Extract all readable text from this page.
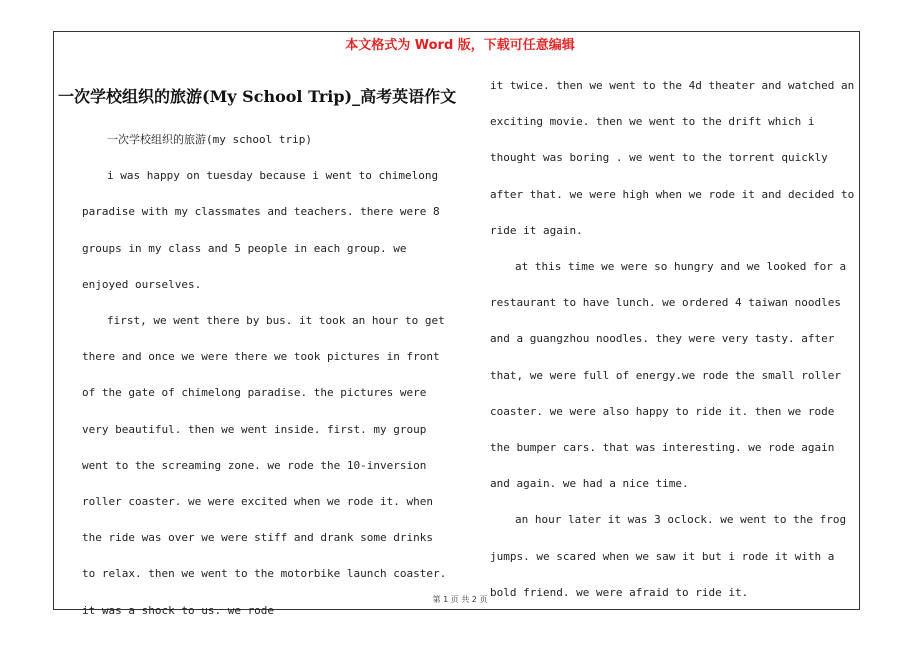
本文格式为 Word 版，下载可任意编辑
一次学校组织的旅游(My School Trip)_高考英语作文

一次学校组织的旅游(my school trip)

i was happy on tuesday because i went to chimelong paradise with my classmates and teachers. there were 8 groups in my class and 5 people in each group. we enjoyed ourselves.

first, we went there by bus. it took an hour to get there and once we were there we took pictures in front of the gate of chimelong paradise. the pictures were very beautiful. then we went inside. first. my group went to the screaming zone. we rode the 10-inversion roller coaster. we were excited when we rode it. when the ride was over we were stiff and drank some drinks to relax. then we went to the motorbike launch coaster. it was a shock to us. we rode

it twice. then we went to the 4d theater and watched an exciting movie. then we went to the drift which i thought was boring . we went to the torrent quickly after that. we were high when we rode it and decided to ride it again.

at this time we were so hungry and we looked for a restaurant to have lunch. we ordered 4 taiwan noodles and a guangzhou noodles. they were very tasty. after that, we were full of energy.we rode the small roller coaster. we were also happy to ride it. then we rode the bumper cars. that was interesting. we rode again and again. we had a nice time.

an hour later it was 3 oclock. we went to the frog jumps. we scared when we saw it but i rode it with a bold friend. we were afraid to ride it.

第 1 页 共 2 页
